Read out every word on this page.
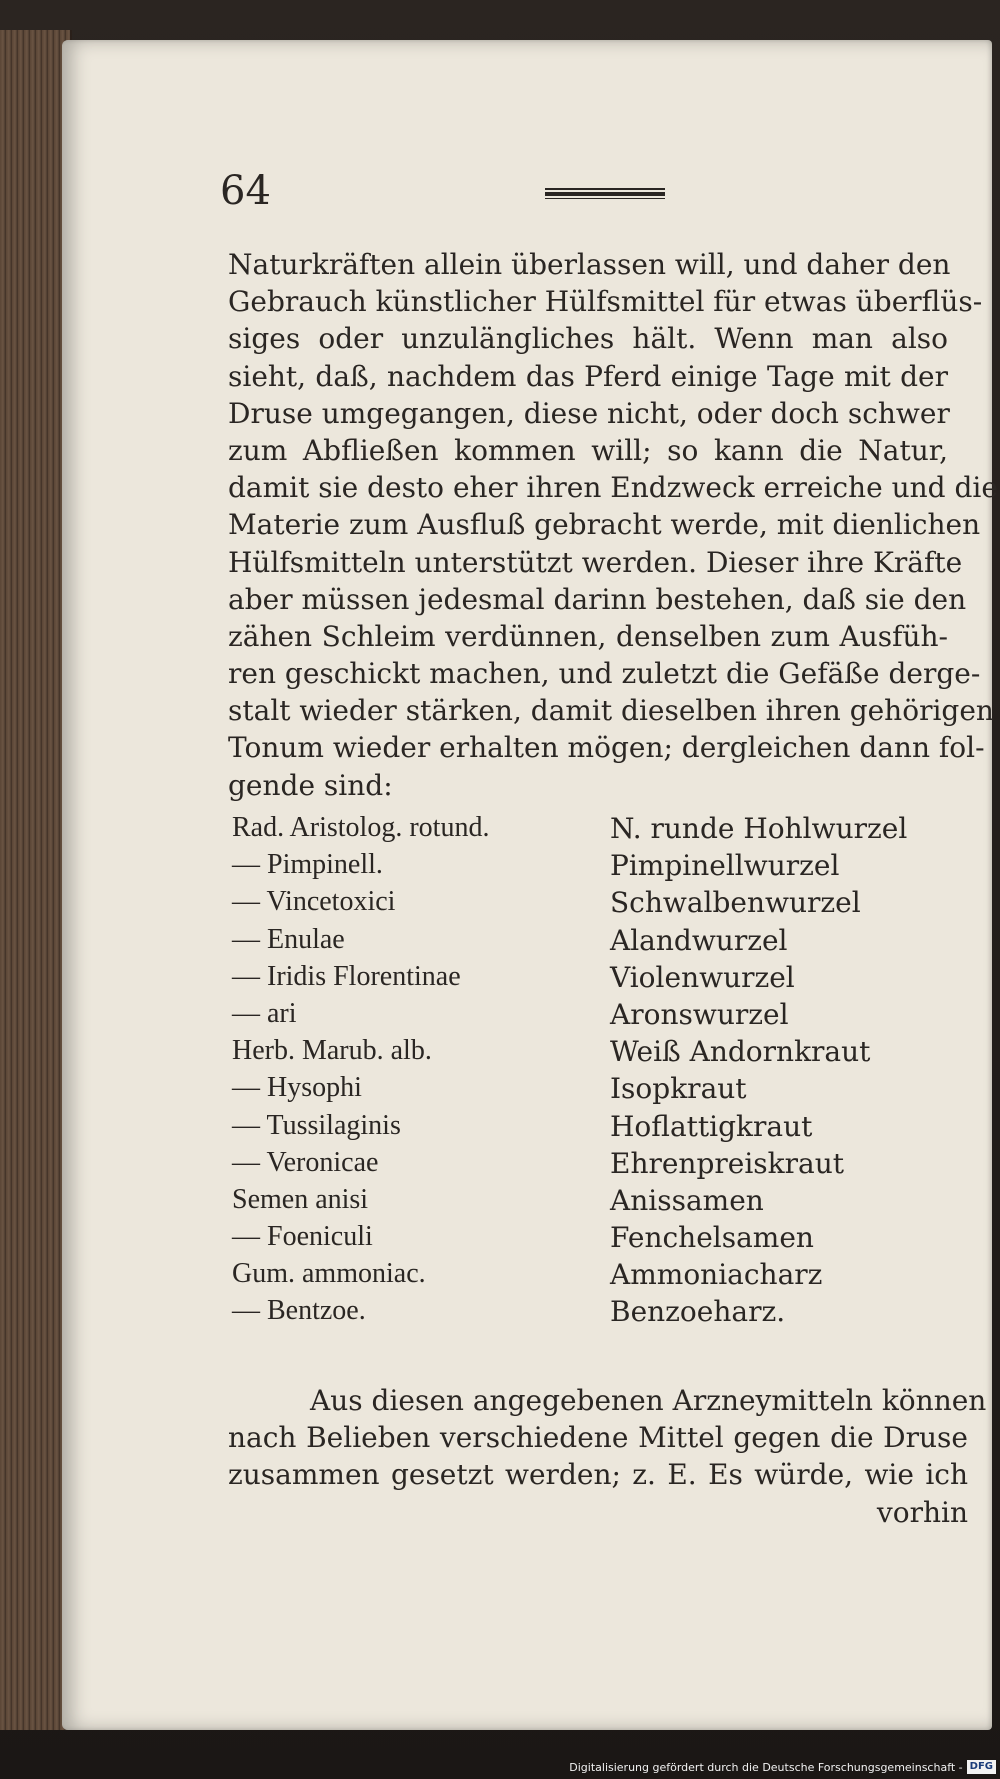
64
Naturkräften allein überlassen will, und daher den
Gebrauch künstlicher Hülfsmittel für etwas überflüs-
siges oder unzulängliches hält. Wenn man also
sieht, daß, nachdem das Pferd einige Tage mit der
Druse umgegangen, diese nicht, oder doch schwer
zum Abfließen kommen will; so kann die Natur,
damit sie desto eher ihren Endzweck erreiche und die
Materie zum Ausfluß gebracht werde, mit dienlichen
Hülfsmitteln unterstützt werden. Dieser ihre Kräfte
aber müssen jedesmal darinn bestehen, daß sie den
zähen Schleim verdünnen, denselben zum Ausfüh-
ren geschickt machen, und zuletzt die Gefäße derge-
stalt wieder stärken, damit dieselben ihren gehörigen
Tonum wieder erhalten mögen; dergleichen dann fol-
gende sind:
Rad. Aristolog. rotund.	N. runde Hohlwurzel
— Pimpinell.	Pimpinellwurzel
— Vincetoxici	Schwalbenwurzel
— Enulae	Alandwurzel
— Iridis Florentinae	Violenwurzel
— ari	Aronswurzel
Herb. Marub. alb.	Weiß Andornkraut
— Hysophi	Isopkraut
— Tussilaginis	Hoflattigkraut
— Veronicae	Ehrenpreiskraut
Semen anisi	Anissamen
— Foeniculi	Fenchelsamen
Gum. ammoniac.	Ammoniacharz
— Bentzoe.	Benzoeharz.
Aus diesen angegebenen Arzneymitteln können
nach Belieben verschiedene Mittel gegen die Druse
zusammen gesetzt werden; z. E. Es würde, wie ich
vorhin
Digitalisierung gefördert durch die Deutsche Forschungsgemeinschaft - DFG
